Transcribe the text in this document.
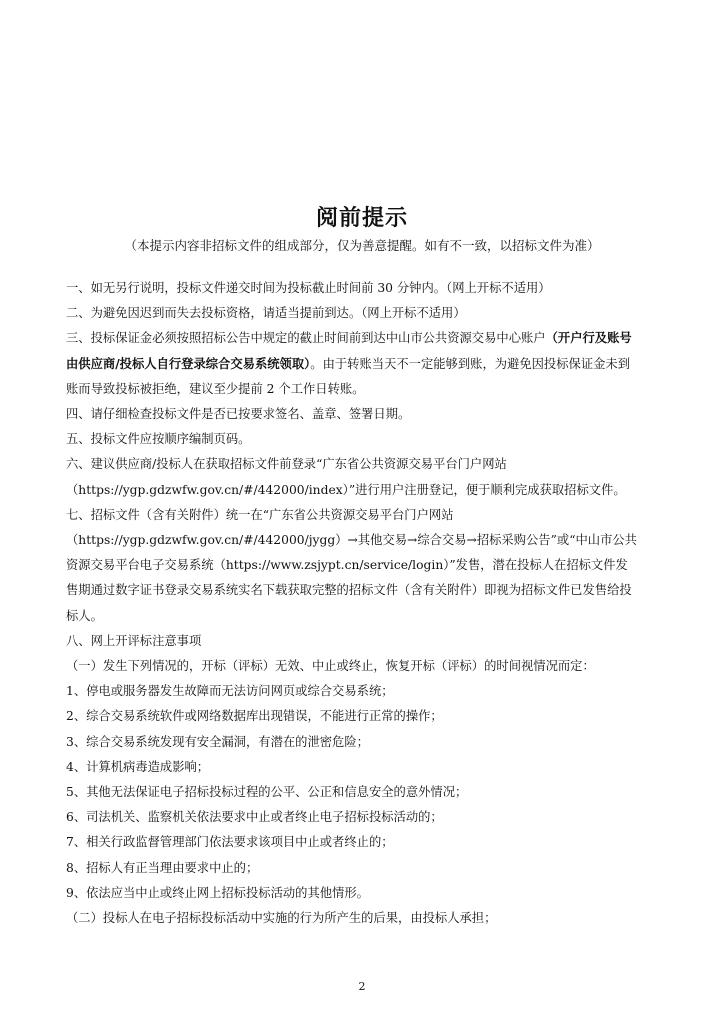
阅前提示
（本提示内容非招标文件的组成部分，仅为善意提醒。如有不一致，以招标文件为准）
一、如无另行说明，投标文件递交时间为投标截止时间前 30 分钟内。（网上开标不适用）
二、为避免因迟到而失去投标资格，请适当提前到达。（网上开标不适用）
三、投标保证金必须按照招标公告中规定的截止时间前到达中山市公共资源交易中心账户（开户行及账号
由供应商/投标人自行登录综合交易系统领取）。由于转账当天不一定能够到账，为避免因投标保证金未到
账而导致投标被拒绝，建议至少提前 2 个工作日转账。
四、请仔细检查投标文件是否已按要求签名、盖章、签署日期。
五、投标文件应按顺序编制页码。
六、建议供应商/投标人在获取招标文件前登录“广东省公共资源交易平台门户网站
（https://ygp.gdzwfw.gov.cn/#/442000/index）”进行用户注册登记，便于顺利完成获取招标文件。
七、招标文件（含有关附件）统一在“广东省公共资源交易平台门户网站
（https://ygp.gdzwfw.gov.cn/#/442000/jygg）→其他交易→综合交易→招标采购公告”或“中山市公共
资源交易平台电子交易系统（https://www.zsjypt.cn/service/login）”发售，潜在投标人在招标文件发
售期通过数字证书登录交易系统实名下载获取完整的招标文件（含有关附件）即视为招标文件已发售给投
标人。
八、网上开评标注意事项
（一）发生下列情况的，开标（评标）无效、中止或终止，恢复开标（评标）的时间视情况而定：
1、停电或服务器发生故障而无法访问网页或综合交易系统；
2、综合交易系统软件或网络数据库出现错误，不能进行正常的操作；
3、综合交易系统发现有安全漏洞，有潜在的泄密危险；
4、计算机病毒造成影响；
5、其他无法保证电子招标投标过程的公平、公正和信息安全的意外情况；
6、司法机关、监察机关依法要求中止或者终止电子招标投标活动的；
7、相关行政监督管理部门依法要求该项目中止或者终止的；
8、招标人有正当理由要求中止的；
9、依法应当中止或终止网上招标投标活动的其他情形。
（二）投标人在电子招标投标活动中实施的行为所产生的后果，由投标人承担；
2
